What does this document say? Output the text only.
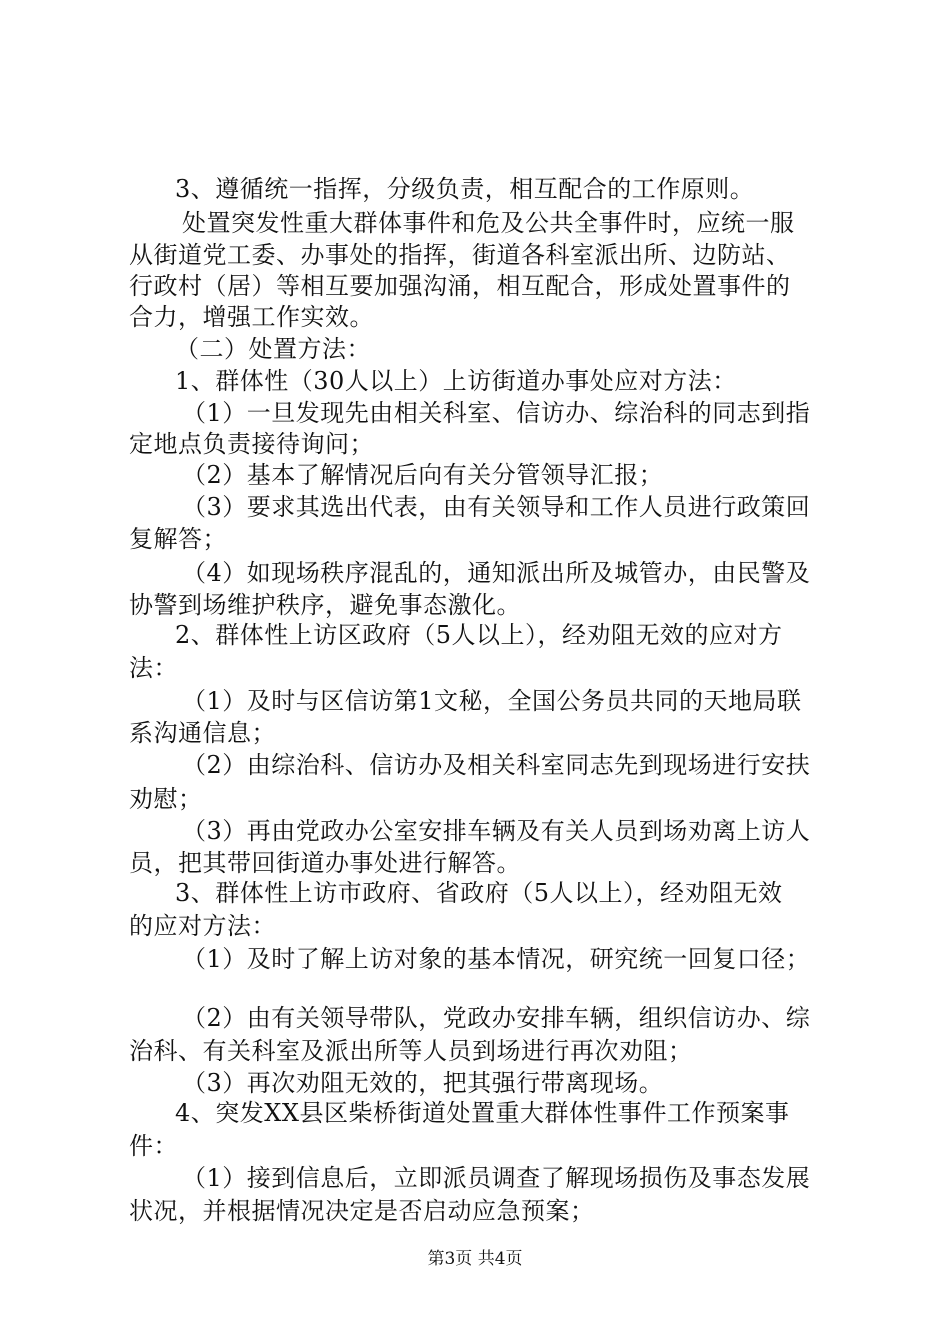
3、遵循统一指挥，分级负责，相互配合的工作原则。
处置突发性重大群体事件和危及公共全事件时，应统一服
从街道党工委、办事处的指挥，街道各科室派出所、边防站、
行政村（居）等相互要加强沟涌，相互配合，形成处置事件的
合力，增强工作实效。
（二）处置方法：
1、群体性（30人以上）上访街道办事处应对方法：
（1）一旦发现先由相关科室、信访办、综治科的同志到指
定地点负责接待询问；
（2）基本了解情况后向有关分管领导汇报；
（3）要求其选出代表，由有关领导和工作人员进行政策回
复解答；
（4）如现场秩序混乱的，通知派出所及城管办，由民警及
协警到场维护秩序，避免事态激化。
2、群体性上访区政府（5人以上），经劝阻无效的应对方
法：
（1）及时与区信访第1文秘，全国公务员共同的天地局联
系沟通信息；
（2）由综治科、信访办及相关科室同志先到现场进行安扶
劝慰；
（3）再由党政办公室安排车辆及有关人员到场劝离上访人
员，把其带回街道办事处进行解答。
3、群体性上访市政府、省政府（5人以上），经劝阻无效
的应对方法：
（1）及时了解上访对象的基本情况，研究统一回复口径；
（2）由有关领导带队，党政办安排车辆，组织信访办、综
治科、有关科室及派出所等人员到场进行再次劝阻；
（3）再次劝阻无效的，把其强行带离现场。
4、突发XX县区柴桥街道处置重大群体性事件工作预案事
件：
（1）接到信息后，立即派员调查了解现场损伤及事态发展
状况，并根据情况决定是否启动应急预案；
第3页 共4页
